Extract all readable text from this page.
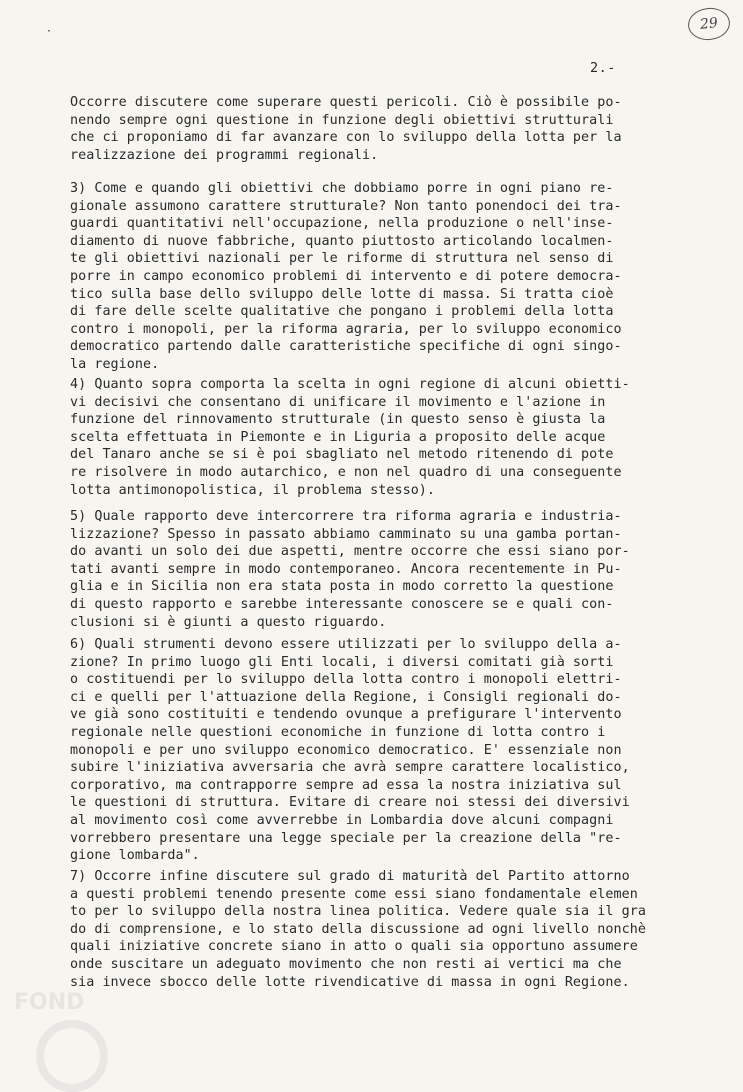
·	29
2.-
Occorre discutere come superare questi pericoli. Ciò è possibile po-
nendo sempre ogni questione in funzione degli obiettivi strutturali
che ci proponiamo di far avanzare con lo sviluppo della lotta per la
realizzazione dei programmi regionali.
3) Come e quando gli obiettivi che dobbiamo porre in ogni piano re-
gionale assumono carattere strutturale? Non tanto ponendoci dei tra-
guardi quantitativi nell'occupazione, nella produzione o nell'inse-
diamento di nuove fabbriche, quanto piuttosto articolando localmen-
te gli obiettivi nazionali per le riforme di struttura nel senso di
porre in campo economico problemi di intervento e di potere democra-
tico sulla base dello sviluppo delle lotte di massa. Si tratta cioè
di fare delle scelte qualitative che pongano i problemi della lotta
contro i monopoli, per la riforma agraria, per lo sviluppo economico
democratico partendo dalle caratteristiche specifiche di ogni singo-
la regione.
4) Quanto sopra comporta la scelta in ogni regione di alcuni obietti-
vi decisivi che consentano di unificare il movimento e l'azione in
funzione del rinnovamento strutturale (in questo senso è giusta la
scelta effettuata in Piemonte e in Liguria a proposito delle acque
del Tanaro anche se si è poi sbagliato nel metodo ritenendo di pote
re risolvere in modo autarchico, e non nel quadro di una conseguente
lotta antimonopolistica, il problema stesso).
5) Quale rapporto deve intercorrere tra riforma agraria e industria-
lizzazione? Spesso in passato abbiamo camminato su una gamba portan-
do avanti un solo dei due aspetti, mentre occorre che essi siano por-
tati avanti sempre in modo contemporaneo. Ancora recentemente in Pu-
glia e in Sicilia non era stata posta in modo corretto la questione
di questo rapporto e sarebbe interessante conoscere se e quali con-
clusioni si è giunti a questo riguardo.
6) Quali strumenti devono essere utilizzati per lo sviluppo della a-
zione? In primo luogo gli Enti locali, i diversi comitati già sorti
o costituendi per lo sviluppo della lotta contro i monopoli elettri-
ci e quelli per l'attuazione della Regione, i Consigli regionali do-
ve già sono costituiti e tendendo ovunque a prefigurare l'intervento
regionale nelle questioni economiche in funzione di lotta contro i
monopoli e per uno sviluppo economico democratico. E' essenziale non
subire l'iniziativa avversaria che avrà sempre carattere localistico,
corporativo, ma contrapporre sempre ad essa la nostra iniziativa sul
le questioni di struttura. Evitare di creare noi stessi dei diversivi
al movimento così come avverrebbe in Lombardia dove alcuni compagni
vorrebbero presentare una legge speciale per la creazione della "re-
gione lombarda".
7) Occorre infine discutere sul grado di maturità del Partito attorno
a questi problemi tenendo presente come essi siano fondamentale elemen
to per lo sviluppo della nostra linea politica. Vedere quale sia il gra
do di comprensione, e lo stato della discussione ad ogni livello nonchè
quali iniziative concrete siano in atto o quali sia opportuno assumere
onde suscitare un adeguato movimento che non resti ai vertici ma che
sia invece sbocco delle lotte rivendicative di massa in ogni Regione.
FOND
